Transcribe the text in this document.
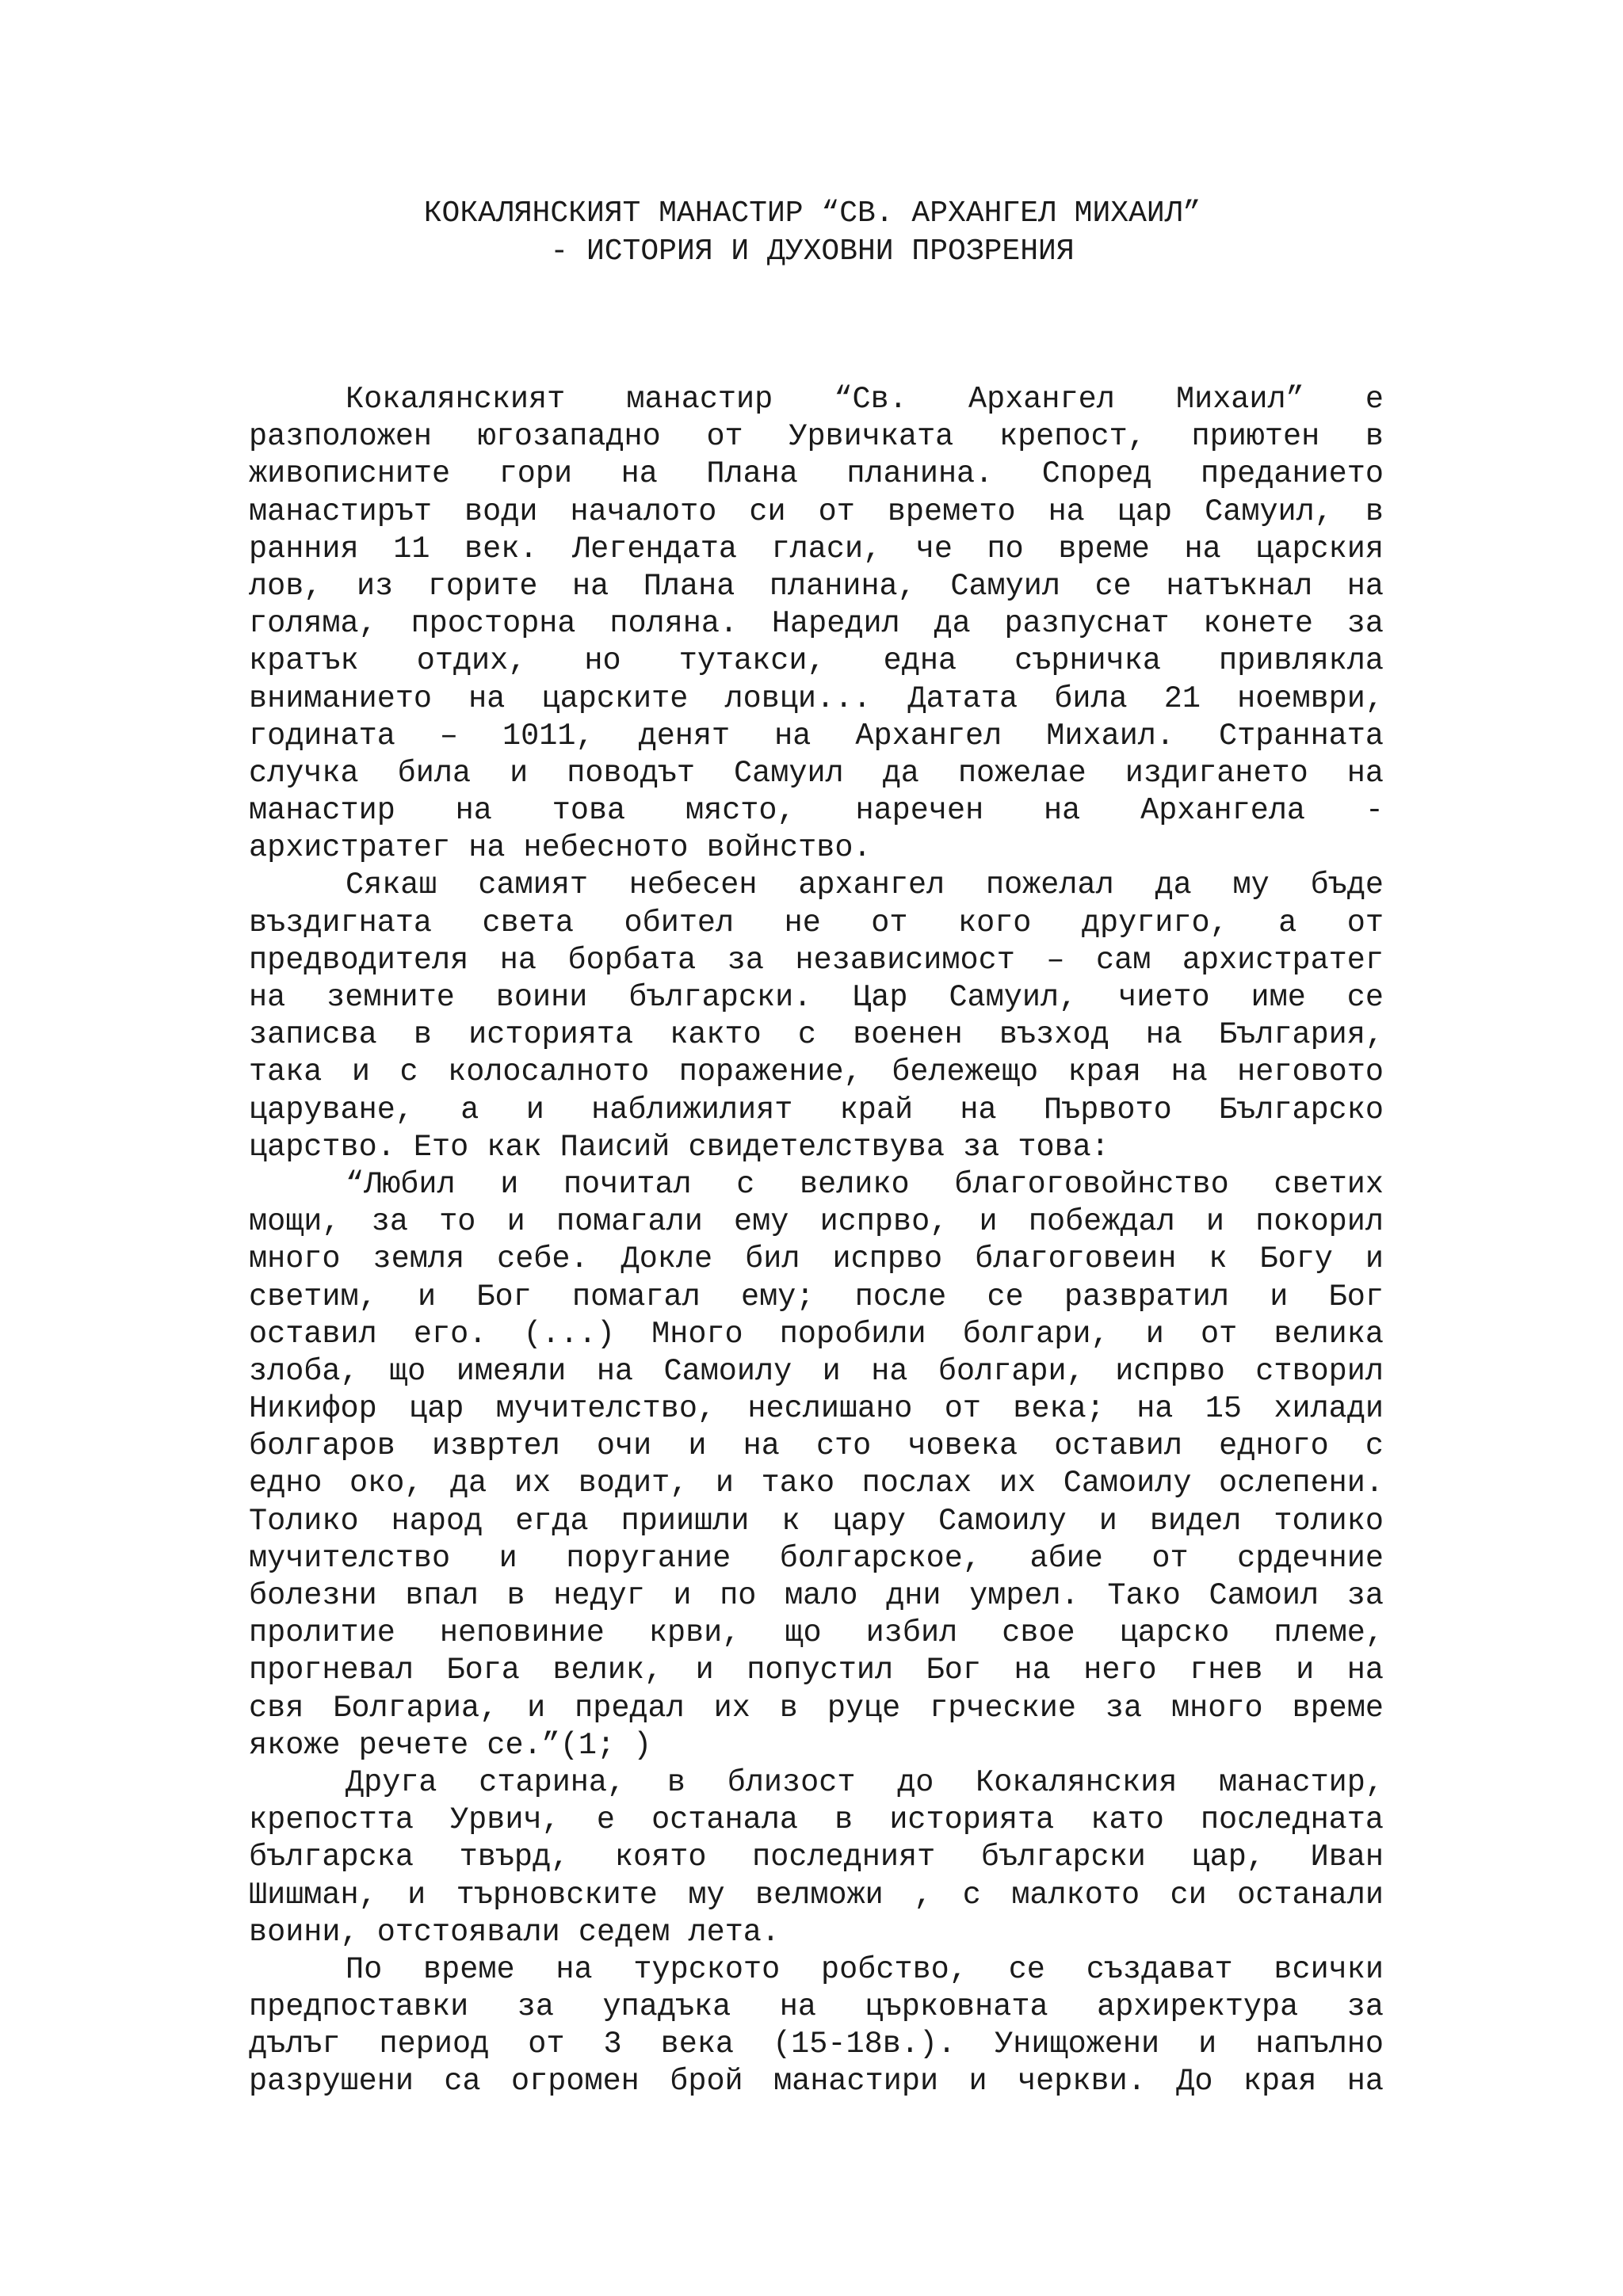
КОКАЛЯНСКИЯТ МАНАСТИР “СВ. АРХАНГЕЛ МИХАИЛ”
- ИСТОРИЯ И ДУХОВНИ ПРОЗРЕНИЯ
Кокалянският манастир “Св. Архангел Михаил” е
разположен югозападно от Урвичката крепост, приютен в
живописните гори на Плана планина. Според преданието
манастирът води началото си от времето на цар Самуил, в
ранния 11 век. Легендата гласи, че по време на царския
лов, из горите на Плана планина, Самуил се натъкнал на
голяма, просторна поляна. Наредил да разпуснат конете за
кратък отдих, но тутакси, една сърничка привлякла
вниманието на царските ловци... Датата била 21 ноември,
годината – 1011, денят на Архангел Михаил. Странната
случка била и поводът Самуил да пожелае издигането на
манастир на това място, наречен на Архангела -
архистратег на небесното войнство.
Сякаш самият небесен архангел пожелал да му бъде
въздигната света обител не от кого другиго, а от
предводителя на борбата за независимост – сам архистратег
на земните воини български. Цар Самуил, чието име се
записва в историята както с военен възход на България,
така и с колосалното поражение, бележещо края на неговото
царуване, а и наближилият край на Първото Българско
царство. Ето как Паисий свидетелствува за това:
“Любил и почитал с велико благоговойнство светих
мощи, за то и помагали ему испрво, и побеждал и покорил
много земля себе. Докле бил испрво благоговеин к Богу и
светим, и Бог помагал ему; после се развратил и Бог
оставил его. (...) Много поробили болгари, и от велика
злоба, що имеяли на Самоилу и на болгари, испрво створил
Никифор цар мучителство, неслишано от века; на 15 хилади
болгаров извртел очи и на сто човека оставил едного с
едно око, да их водит, и тако послах их Самоилу ослепени.
Толико народ егда приишли к цару Самоилу и видел толико
мучителство и поругание болгарское, абие от срдечние
болезни впал в недуг и по мало дни умрел. Тако Самоил за
пролитие неповиние крви, що избил свое царско племе,
прогневал Бога велик, и попустил Бог на него гнев и на
свя Болгариа, и предал их в руце грческие за много време
якоже речете се.”(1; )
Друга старина, в близост до Кокалянския манастир,
крепостта Урвич, е останала в историята като последната
българска твърд, която последният български цар, Иван
Шишман, и търновските му велможи , с малкото си останали
воини, отстоявали седем лета.
По време на турското робство, се създават всички
предпоставки за упадъка на църковната архиректура за
дълъг период от 3 века (15-18в.). Унищожени и напълно
разрушени са огромен брой манастири и черкви. До края на
